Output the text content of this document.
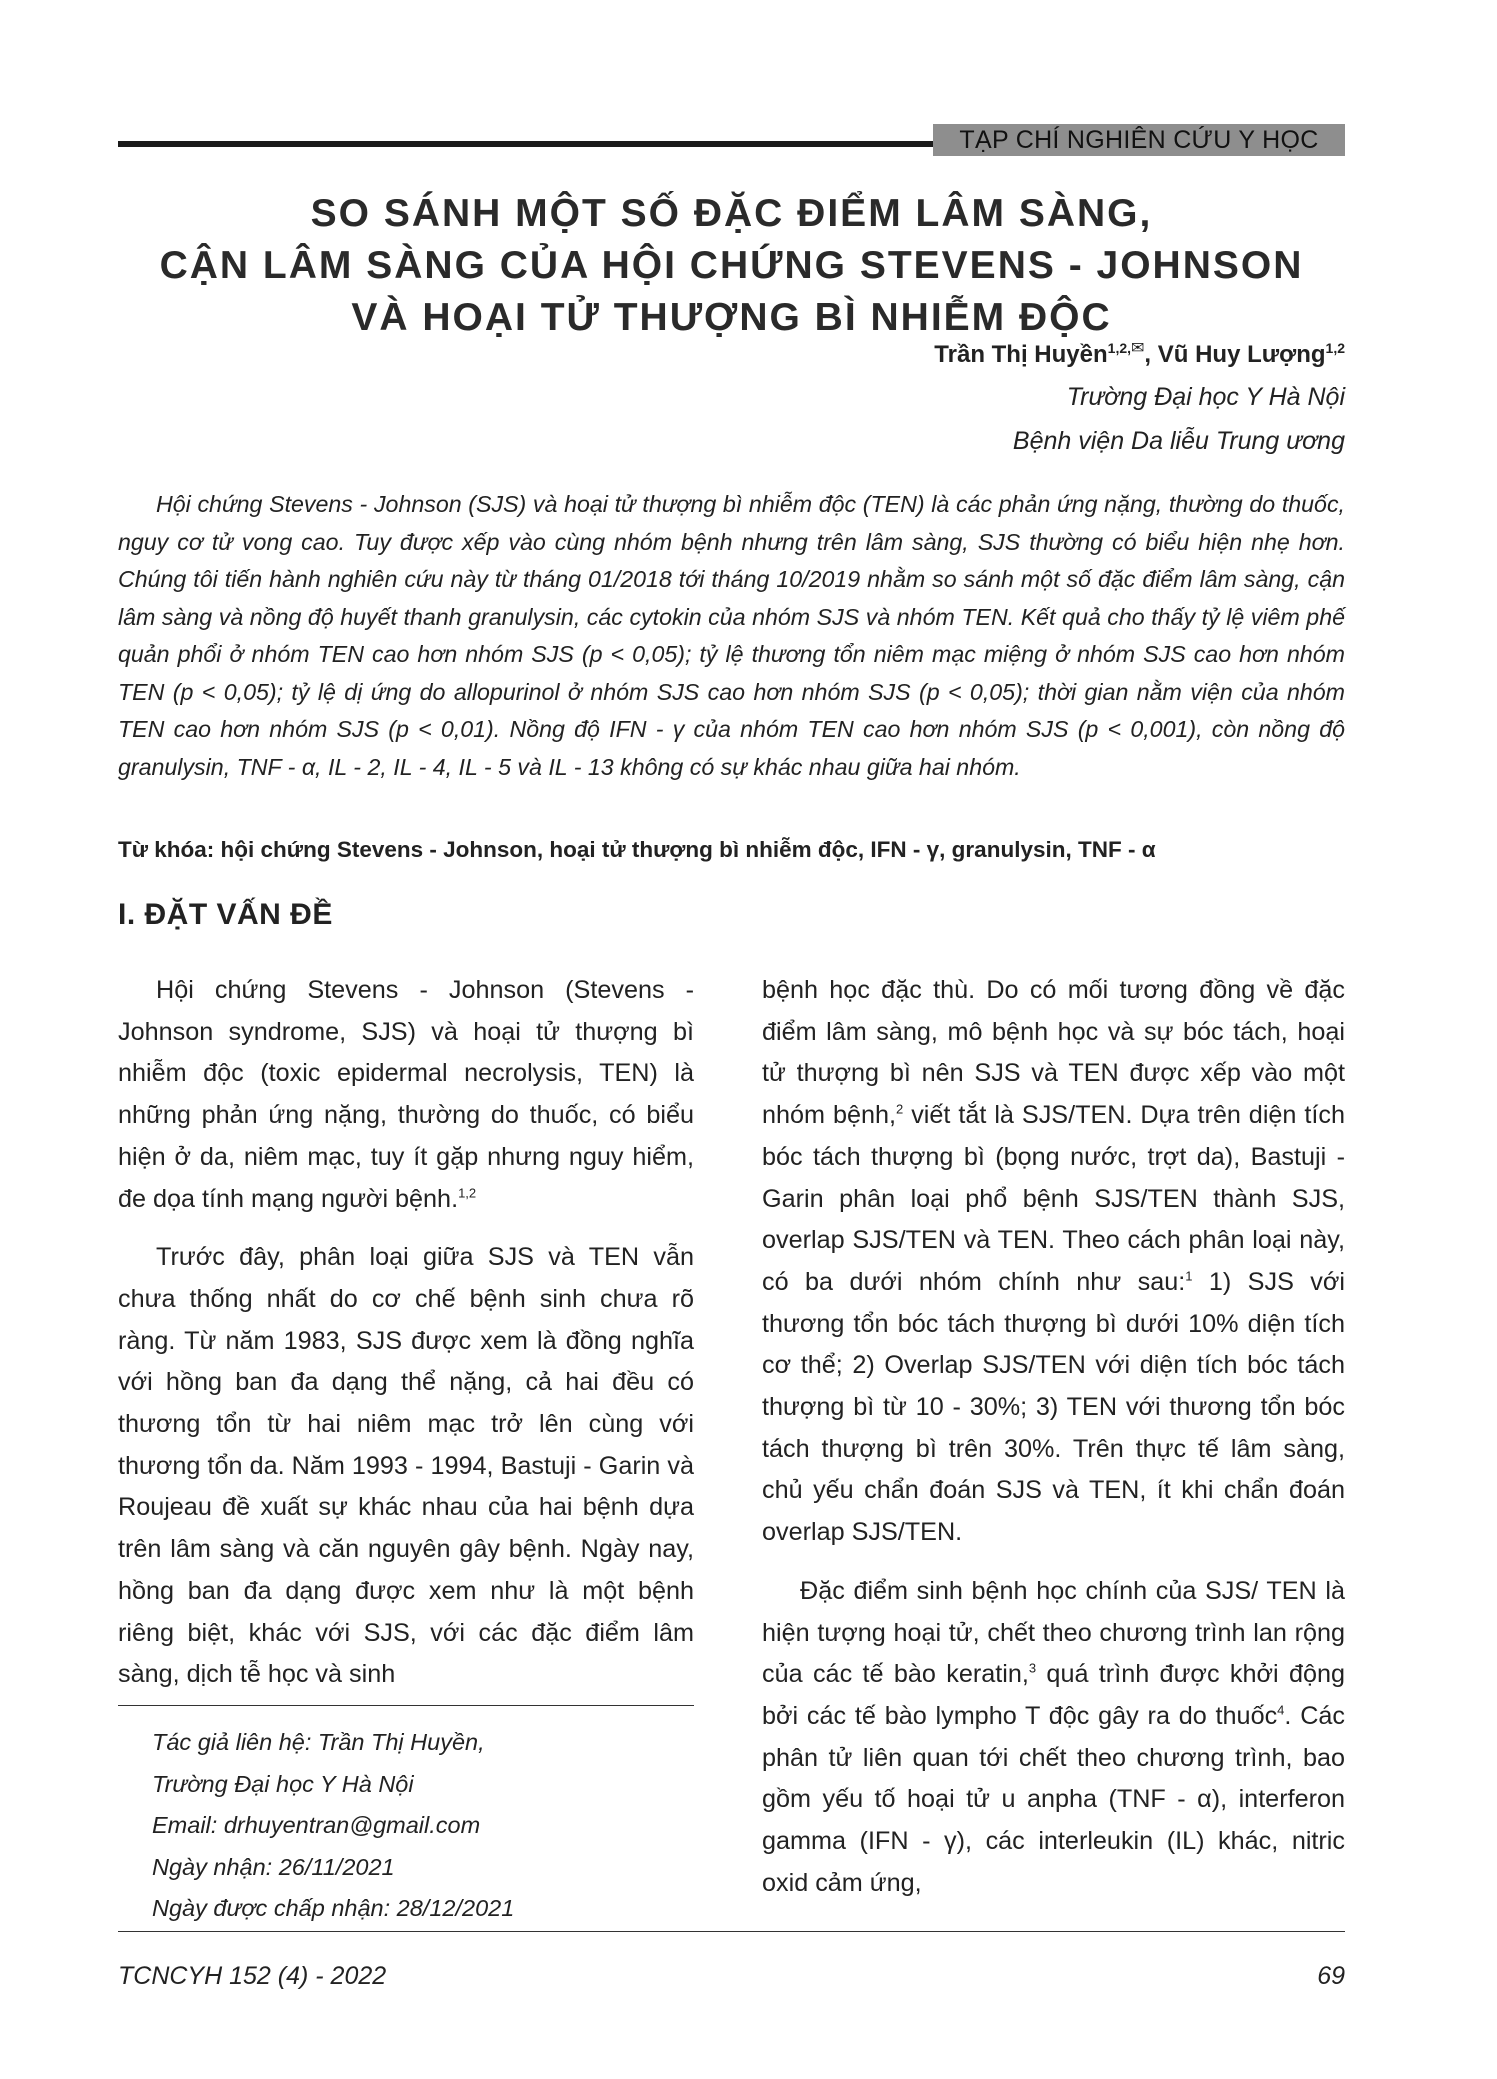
TẠP CHÍ NGHIÊN CỨU Y HỌC
SO SÁNH MỘT SỐ ĐẶC ĐIỂM LÂM SÀNG,
CẬN LÂM SÀNG CỦA HỘI CHỨNG STEVENS - JOHNSON
VÀ HOẠI TỬ THƯỢNG BÌ NHIỄM ĐỘC
Trần Thị Huyền$^{1,2,✉}$, Vũ Huy Lượng$^{1,2}$
Trường Đại học Y Hà Nội
Bệnh viện Da liễu Trung ương

Hội chứng Stevens - Johnson (SJS) và hoại tử thượng bì nhiễm độc (TEN) là các phản ứng nặng, thường do thuốc, nguy cơ tử vong cao. Tuy được xếp vào cùng nhóm bệnh nhưng trên lâm sàng, SJS thường có biểu hiện nhẹ hơn. Chúng tôi tiến hành nghiên cứu này từ tháng 01/2018 tới tháng 10/2019 nhằm so sánh một số đặc điểm lâm sàng, cận lâm sàng và nồng độ huyết thanh granulysin, các cytokin của nhóm SJS và nhóm TEN. Kết quả cho thấy tỷ lệ viêm phế quản phổi ở nhóm TEN cao hơn nhóm SJS (p < 0,05); tỷ lệ thương tổn niêm mạc miệng ở nhóm SJS cao hơn nhóm TEN (p < 0,05); tỷ lệ dị ứng do allopurinol ở nhóm SJS cao hơn nhóm SJS (p < 0,05); thời gian nằm viện của nhóm TEN cao hơn nhóm SJS (p < 0,01). Nồng độ IFN - γ của nhóm TEN cao hơn nhóm SJS (p < 0,001), còn nồng độ granulysin, TNF - α, IL - 2, IL - 4, IL - 5 và IL - 13 không có sự khác nhau giữa hai nhóm.

Từ khóa: hội chứng Stevens - Johnson, hoại tử thượng bì nhiễm độc, IFN - γ, granulysin, TNF - α
I. ĐẶT VẤN ĐỀ

Hội chứng Stevens - Johnson (Stevens - Johnson syndrome, SJS) và hoại tử thượng bì nhiễm độc (toxic epidermal necrolysis, TEN) là những phản ứng nặng, thường do thuốc, có biểu hiện ở da, niêm mạc, tuy ít gặp nhưng nguy hiểm, đe dọa tính mạng người bệnh.$^{1,2}$

Trước đây, phân loại giữa SJS và TEN vẫn chưa thống nhất do cơ chế bệnh sinh chưa rõ ràng. Từ năm 1983, SJS được xem là đồng nghĩa với hồng ban đa dạng thể nặng, cả hai đều có thương tổn từ hai niêm mạc trở lên cùng với thương tổn da. Năm 1993 - 1994, Bastuji - Garin và Roujeau đề xuất sự khác nhau của hai bệnh dựa trên lâm sàng và căn nguyên gây bệnh. Ngày nay, hồng ban đa dạng được xem như là một bệnh riêng biệt, khác với SJS, với các đặc điểm lâm sàng, dịch tễ học và sinh

bệnh học đặc thù. Do có mối tương đồng về đặc điểm lâm sàng, mô bệnh học và sự bóc tách, hoại tử thượng bì nên SJS và TEN được xếp vào một nhóm bệnh,$^2$ viết tắt là SJS/TEN. Dựa trên diện tích bóc tách thượng bì (bọng nước, trợt da), Bastuji - Garin phân loại phổ bệnh SJS/TEN thành SJS, overlap SJS/TEN và TEN. Theo cách phân loại này, có ba dưới nhóm chính như sau:$^1$ 1) SJS với thương tổn bóc tách thượng bì dưới 10% diện tích cơ thể; 2) Overlap SJS/TEN với diện tích bóc tách thượng bì từ 10 - 30%; 3) TEN với thương tổn bóc tách thượng bì trên 30%. Trên thực tế lâm sàng, chủ yếu chẩn đoán SJS và TEN, ít khi chẩn đoán overlap SJS/TEN.

Đặc điểm sinh bệnh học chính của SJS/ TEN là hiện tượng hoại tử, chết theo chương trình lan rộng của các tế bào keratin,$^3$ quá trình được khởi động bởi các tế bào lympho T độc gây ra do thuốc$^4$. Các phân tử liên quan tới chết theo chương trình, bao gồm yếu tố hoại tử u anpha (TNF - α), interferon gamma (IFN - γ), các interleukin (IL) khác, nitric oxid cảm ứng,

Tác giả liên hệ: Trần Thị Huyền,
Trường Đại học Y Hà Nội
Email: drhuyentran@gmail.com
Ngày nhận: 26/11/2021
Ngày được chấp nhận: 28/12/2021
TCNCYH 152 (4) - 2022	69
